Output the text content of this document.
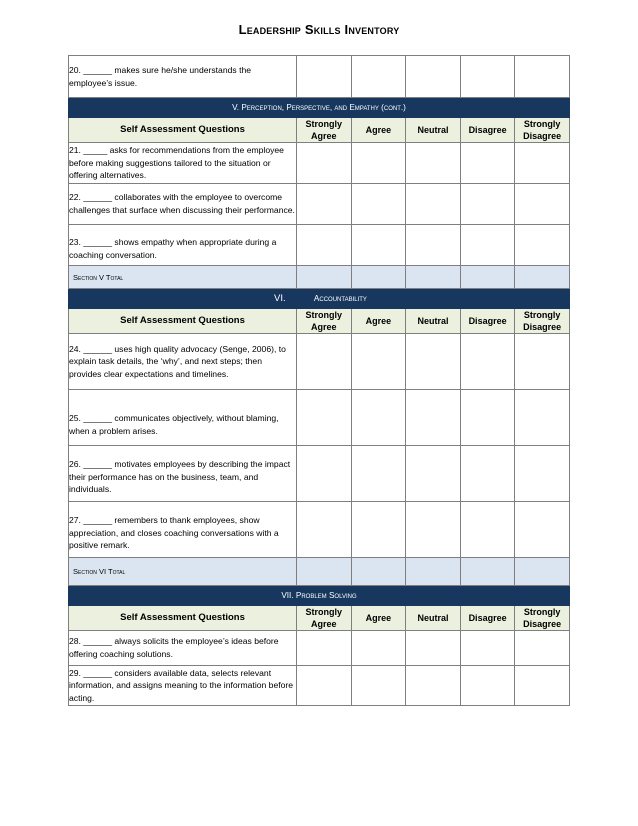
Leadership Skills Inventory
20. ______ makes sure he/she understands the employee’s issue.					

V. Perception, Perspective, and Empathy (cont.)					

Self Assessment Questions	Strongly Agree	Agree	Neutral	Disagree	Strongly Disagree
21. _____ asks for recommendations from the employee before making suggestions tailored to the situation or offering alternatives.					
22. ______ collaborates with the employee to overcome challenges that surface when discussing their performance.					
23. ______ shows empathy when appropriate during a coaching conversation.					
Section V Total					
VI. Accountability					
Self Assessment Questions	Strongly Agree	Agree	Neutral	Disagree	Strongly Disagree
24. ______ uses high quality advocacy (Senge, 2006), to explain task details, the ‘why’, and next steps; then provides clear expectations and timelines.					
25. ______ communicates objectively, without blaming, when a problem arises.					
26. ______ motivates employees by describing the impact their performance has on the business, team, and individuals.					
27. ______ remembers to thank employees, show appreciation, and closes coaching conversations with a positive remark.					
Section VI Total					

VII. Problem Solving					

Self Assessment Questions	Strongly Agree	Agree	Neutral	Disagree	Strongly Disagree
28. ______ always solicits the employee’s ideas before offering coaching solutions.					
29. ______ considers available data, selects relevant information, and assigns meaning to the information before acting.					
